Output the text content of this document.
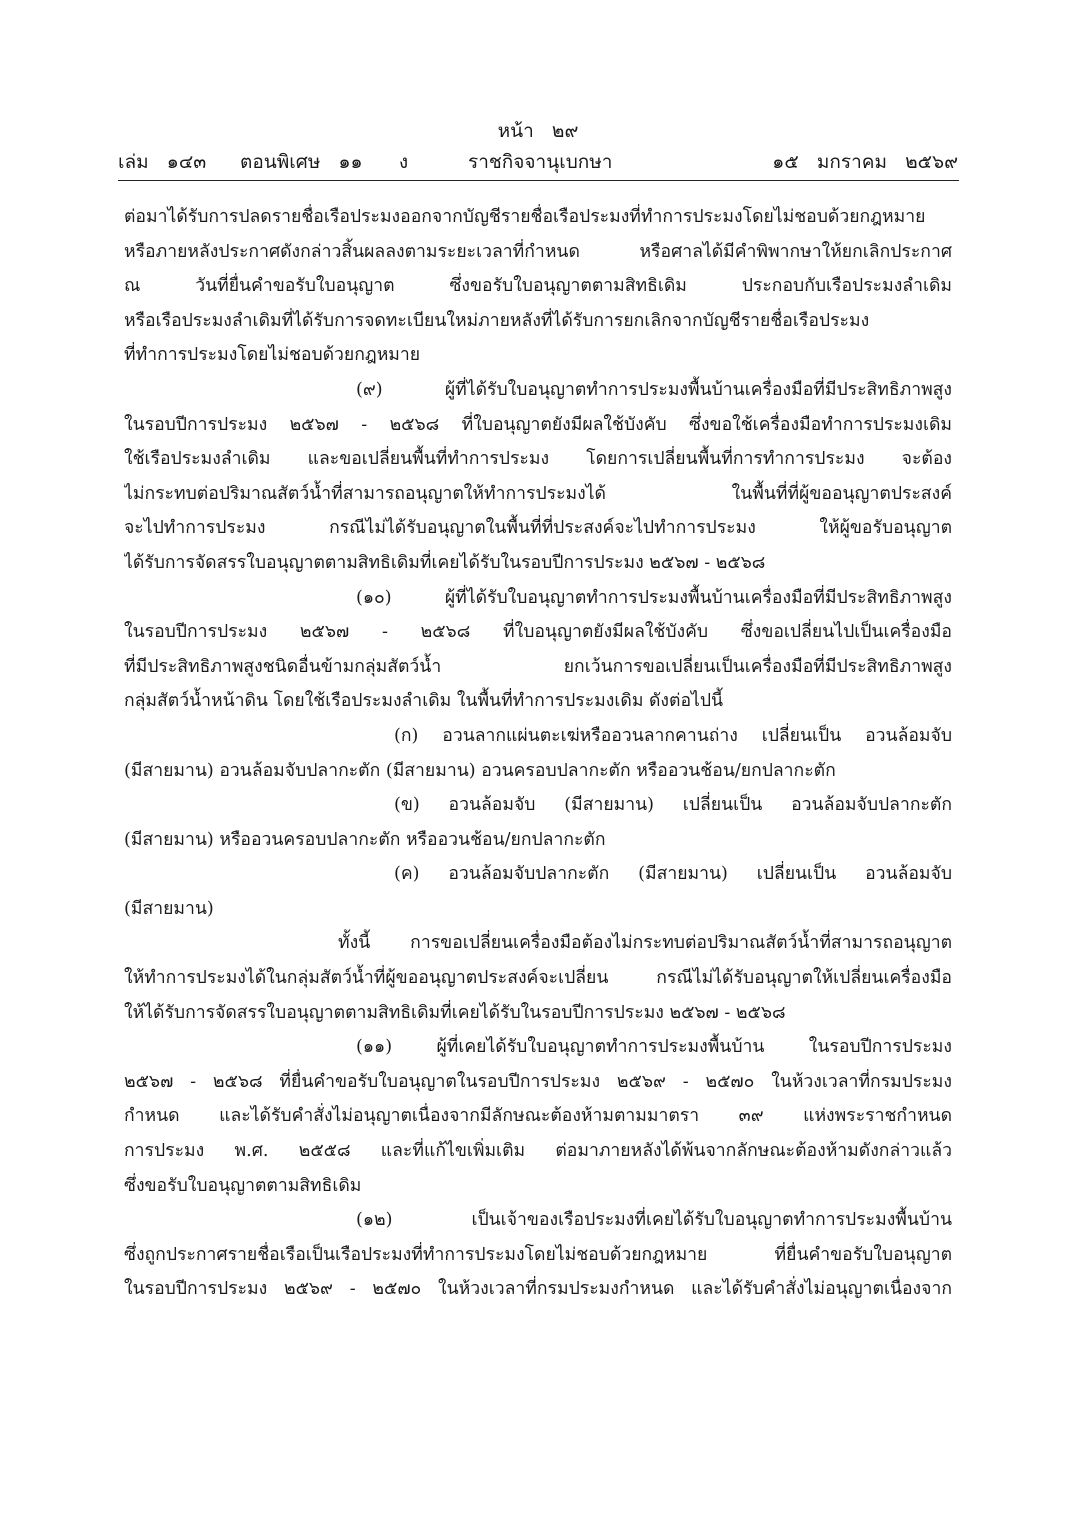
หน้า   ๒๙
เล่ม   ๑๔๓ ตอนพิเศษ   ๑๑      ง	ราชกิจจานุเบกษา	๑๕   มกราคม   ๒๕๖๙
ต่อมาได้รับการปลดรายชื่อเรือประมงออกจากบัญชีรายชื่อเรือประมงที่ทำการประมงโดยไม่ชอบด้วยกฎหมาย
หรือภายหลังประกาศดังกล่าวสิ้นผลลงตามระยะเวลาที่กำหนด หรือศาลได้มีคำพิพากษาให้ยกเลิกประกาศ
ณ วันที่ยื่นคำขอรับใบอนุญาต ซึ่งขอรับใบอนุญาตตามสิทธิเดิม ประกอบกับเรือประมงลำเดิม
หรือเรือประมงลำเดิมที่ได้รับการจดทะเบียนใหม่ภายหลังที่ได้รับการยกเลิกจากบัญชีรายชื่อเรือประมง
ที่ทำการประมงโดยไม่ชอบด้วยกฎหมาย
(๙) ผู้ที่ได้รับใบอนุญาตทำการประมงพื้นบ้านเครื่องมือที่มีประสิทธิภาพสูง
ในรอบปีการประมง ๒๕๖๗ - ๒๕๖๘ ที่ใบอนุญาตยังมีผลใช้บังคับ ซึ่งขอใช้เครื่องมือทำการประมงเดิม
ใช้เรือประมงลำเดิม และขอเปลี่ยนพื้นที่ทำการประมง โดยการเปลี่ยนพื้นที่การทำการประมง จะต้อง
ไม่กระทบต่อปริมาณสัตว์น้ำที่สามารถอนุญาตให้ทำการประมงได้ ในพื้นที่ที่ผู้ขออนุญาตประสงค์
จะไปทำการประมง กรณีไม่ได้รับอนุญาตในพื้นที่ที่ประสงค์จะไปทำการประมง ให้ผู้ขอรับอนุญาต
ได้รับการจัดสรรใบอนุญาตตามสิทธิเดิมที่เคยได้รับในรอบปีการประมง ๒๕๖๗ - ๒๕๖๘
(๑๐) ผู้ที่ได้รับใบอนุญาตทำการประมงพื้นบ้านเครื่องมือที่มีประสิทธิภาพสูง
ในรอบปีการประมง ๒๕๖๗ - ๒๕๖๘ ที่ใบอนุญาตยังมีผลใช้บังคับ ซึ่งขอเปลี่ยนไปเป็นเครื่องมือ
ที่มีประสิทธิภาพสูงชนิดอื่นข้ามกลุ่มสัตว์น้ำ ยกเว้นการขอเปลี่ยนเป็นเครื่องมือที่มีประสิทธิภาพสูง
กลุ่มสัตว์น้ำหน้าดิน โดยใช้เรือประมงลำเดิม ในพื้นที่ทำการประมงเดิม ดังต่อไปนี้
(ก) อวนลากแผ่นตะเฆ่หรืออวนลากคานถ่าง เปลี่ยนเป็น อวนล้อมจับ
(มีสายมาน) อวนล้อมจับปลากะตัก (มีสายมาน) อวนครอบปลากะตัก หรืออวนช้อน/ยกปลากะตัก
(ข) อวนล้อมจับ (มีสายมาน) เปลี่ยนเป็น อวนล้อมจับปลากะตัก
(มีสายมาน) หรืออวนครอบปลากะตัก หรืออวนช้อน/ยกปลากะตัก
(ค) อวนล้อมจับปลากะตัก (มีสายมาน) เปลี่ยนเป็น อวนล้อมจับ
(มีสายมาน)
ทั้งนี้ การขอเปลี่ยนเครื่องมือต้องไม่กระทบต่อปริมาณสัตว์น้ำที่สามารถอนุญาต
ให้ทำการประมงได้ในกลุ่มสัตว์น้ำที่ผู้ขออนุญาตประสงค์จะเปลี่ยน กรณีไม่ได้รับอนุญาตให้เปลี่ยนเครื่องมือ
ให้ได้รับการจัดสรรใบอนุญาตตามสิทธิเดิมที่เคยได้รับในรอบปีการประมง ๒๕๖๗ - ๒๕๖๘
(๑๑) ผู้ที่เคยได้รับใบอนุญาตทำการประมงพื้นบ้าน ในรอบปีการประมง
๒๕๖๗ - ๒๕๖๘ ที่ยื่นคำขอรับใบอนุญาตในรอบปีการประมง ๒๕๖๙ - ๒๕๗๐ ในห้วงเวลาที่กรมประมง
กำหนด และได้รับคำสั่งไม่อนุญาตเนื่องจากมีลักษณะต้องห้ามตามมาตรา ๓๙ แห่งพระราชกำหนด
การประมง พ.ศ. ๒๕๕๘ และที่แก้ไขเพิ่มเติม ต่อมาภายหลังได้พ้นจากลักษณะต้องห้ามดังกล่าวแล้ว
ซึ่งขอรับใบอนุญาตตามสิทธิเดิม
(๑๒) เป็นเจ้าของเรือประมงที่เคยได้รับใบอนุญาตทำการประมงพื้นบ้าน
ซึ่งถูกประกาศรายชื่อเรือเป็นเรือประมงที่ทำการประมงโดยไม่ชอบด้วยกฎหมาย ที่ยื่นคำขอรับใบอนุญาต
ในรอบปีการประมง ๒๕๖๙ - ๒๕๗๐ ในห้วงเวลาที่กรมประมงกำหนด และได้รับคำสั่งไม่อนุญาตเนื่องจาก
